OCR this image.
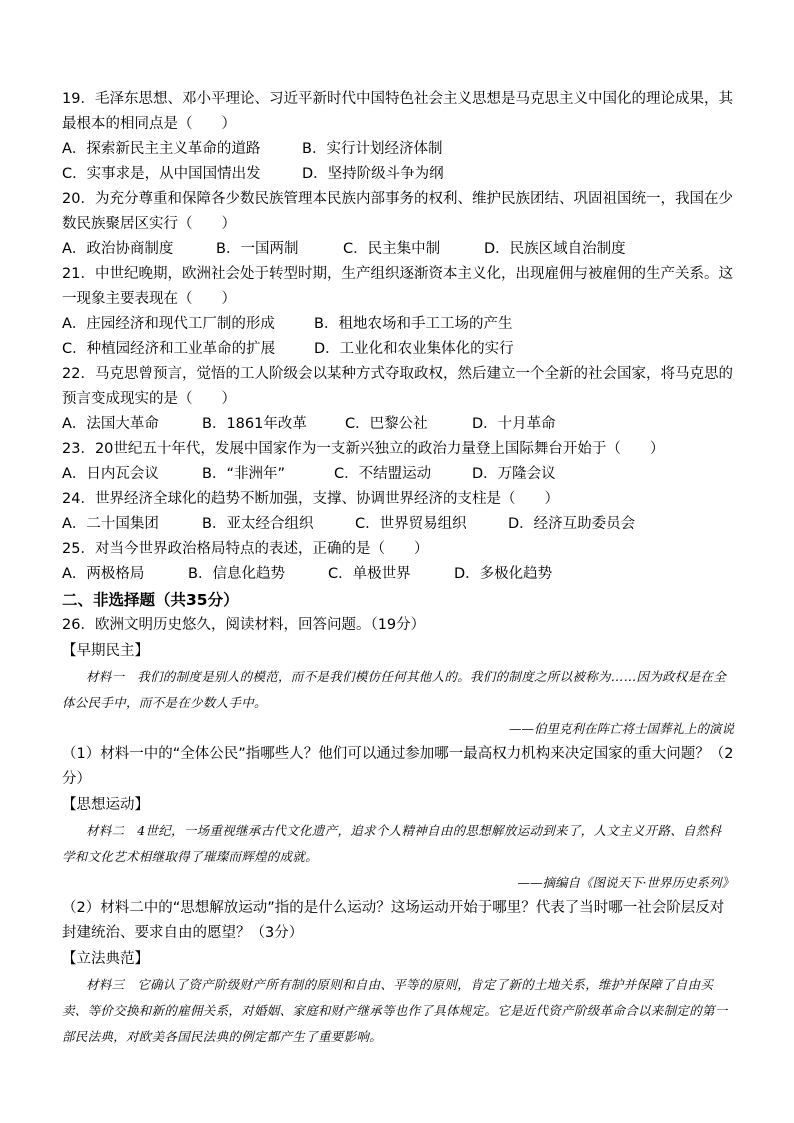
19．毛泽东思想、邓小平理论、习近平新时代中国特色社会主义思想是马克思主义中国化的理论成果，其最根本的相同点是（　　）
A．探索新民主主义革命的道路	B．实行计划经济体制
C．实事求是，从中国国情出发	D．坚持阶级斗争为纲
20．为充分尊重和保障各少数民族管理本民族内部事务的权利、维护民族团结、巩固祖国统一，我国在少数民族聚居区实行（　　）
A．政治协商制度	B．一国两制	C．民主集中制	D．民族区域自治制度
21．中世纪晚期，欧洲社会处于转型时期，生产组织逐渐资本主义化，出现雇佣与被雇佣的生产关系。这一现象主要表现在（　　）
A．庄园经济和现代工厂制的形成	B．租地农场和手工工场的产生
C．种植园经济和工业革命的扩展	D．工业化和农业集体化的实行
22．马克思曾预言，觉悟的工人阶级会以某种方式夺取政权，然后建立一个全新的社会国家，将马克思的预言变成现实的是（　　）
A．法国大革命	B．1861年改革	C．巴黎公社	D．十月革命
23．20世纪五十年代，发展中国家作为一支新兴独立的政治力量登上国际舞台开始于（　　）
A．日内瓦会议	B．“非洲年”	C．不结盟运动	D．万隆会议
24．世界经济全球化的趋势不断加强，支撑、协调世界经济的支柱是（　　）
A．二十国集团	B．亚太经合组织	C．世界贸易组织	D．经济互助委员会
25．对当今世界政治格局特点的表述，正确的是（　　）
A．两极格局	B．信息化趋势	C．单极世界	D．多极化趋势
二、非选择题（共35分）
26．欧洲文明历史悠久，阅读材料，回答问题。（19分）
【早期民主】
材料一　我们的制度是别人的模范，而不是我们模仿任何其他人的。我们的制度之所以被称为……因为政权是在全体公民手中，而不是在少数人手中。
——伯里克利在阵亡将士国葬礼上的演说
（1）材料一中的“全体公民”指哪些人？他们可以通过参加哪一最高权力机构来决定国家的重大问题？（2分）
【思想运动】
材料二　4世纪，一场重视继承古代文化遗产，追求个人精神自由的思想解放运动到来了，人文主义开路、自然科学和文化艺术相继取得了璀璨而辉煌的成就。
——摘编自《图说天下·世界历史系列》
（2）材料二中的“思想解放运动”指的是什么运动？这场运动开始于哪里？代表了当时哪一社会阶层反对封建统治、要求自由的愿望？（3分）
【立法典范】
材料三　它确认了资产阶级财产所有制的原则和自由、平等的原则，肯定了新的土地关系，维护并保障了自由买卖、等价交换和新的雇佣关系，对婚姻、家庭和财产继承等也作了具体规定。它是近代资产阶级革命合以来制定的第一部民法典，对欧美各国民法典的例定都产生了重要影响。
